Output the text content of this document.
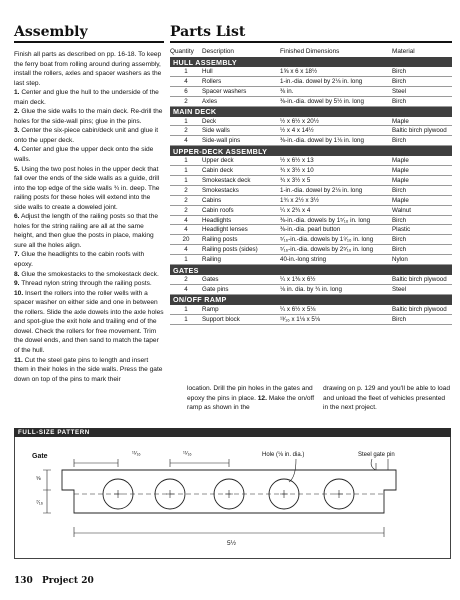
Assembly

Finish all parts as described on pp. 16-18. To keep the ferry boat from rolling around during assembly, install the rollers, axles and spacer washers as the last step.

1. Center and glue the hull to the underside of the main deck.

2. Glue the side walls to the main deck. Re-drill the holes for the side-wall pins; glue in the pins.

3. Center the six-piece cabin/deck unit and glue it onto the upper deck.

4. Center and glue the upper deck onto the side walls.

5. Using the two post holes in the upper deck that fall over the ends of the side walls as a guide, drill into the top edge of the side walls ¾ in. deep. The railing posts for these holes will extend into the side walls to create a doweled joint.

6. Adjust the length of the railing posts so that the holes for the string railing are all at the same height, and then glue the posts in place, making sure all the holes align.

7. Glue the headlights to the cabin roofs with epoxy.

8. Glue the smokestacks to the smokestack deck.

9. Thread nylon string through the railing posts.

10. Insert the rollers into the roller wells with a spacer washer on either side and one in between the rollers. Slide the axle dowels into the axle holes and spot-glue the exit hole and trailing end of the dowel. Check the rollers for free movement. Trim the dowel ends, and then sand to match the taper of the hull.

11. Cut the steel gate pins to length and insert them in their holes in the side walls. Press the gate down on top of the pins to mark their

Parts List
Quantity	Description	Finished Dimensions	Material
HULL ASSEMBLY			
1	Hull	1⅝ x 6 x 18½	Birch
4	Rollers	1-in.-dia. dowel by 2⅛ in. long	Birch
6	Spacer washers	⅜ in.	Steel
2	Axles	⅜-in.-dia. dowel by 5½ in. long	Birch
MAIN DECK			
1	Deck	½ x 6½ x 20½	Maple
2	Side walls	½ x 4 x 14½	Baltic birch plywood
4	Side-wall pins	⅜-in.-dia. dowel by 1⅛ in. long	Birch
UPPER-DECK ASSEMBLY			
1	Upper deck	½ x 6½ x 13	Maple
1	Cabin deck	¾ x 3½ x 10	Maple
1	Smokestack deck	¾ x 3½ x 5	Maple
2	Smokestacks	1-in.-dia. dowel by 2⅛ in. long	Birch
2	Cabins	1¾ x 2½ x 3½	Maple
2	Cabin roofs	¼ x 2¾ x 4	Walnut
4	Headlights	⅜-in.-dia. dowels by 1⁵⁄₁₆ in. long	Birch
4	Headlight lenses	⅜-in.-dia. pearl button	Plastic
20	Railing posts	⁵⁄₁₆-in.-dia. dowels by 1⁹⁄₁₆ in. long	Birch
4	Railing posts (sides)	⁵⁄₁₆-in.-dia. dowels by 2⁵⁄₁₆ in. long	Birch
1	Railing	40-in.-long string	Nylon
GATES			
2	Gates	¼ x 1⅜ x 6½	Baltic birch plywood
4	Gate pins	⅛ in. dia. by ¾ in. long	Steel
ON/OFF RAMP			
1	Ramp	¼ x 6½ x 5⅛	Baltic birch plywood
1	Support block	¹³⁄₁₆ x 1⅛ x 5⅛	Birch
location. Drill the pin holes in the gates and epoxy the pins in place. 12. Make the on/off ramp as shown in the
drawing on p. 129 and you'll be able to load and unload the fleet of vehicles presented in the next project.
FULL-SIZE PATTERN
Gate	¹¹⁄₁₆	¹¹⁄₁₆
⅝
⁷⁄₁₆
5½
Hole (⅛ in. dia.)	Steel gate pin
130 Project 20
